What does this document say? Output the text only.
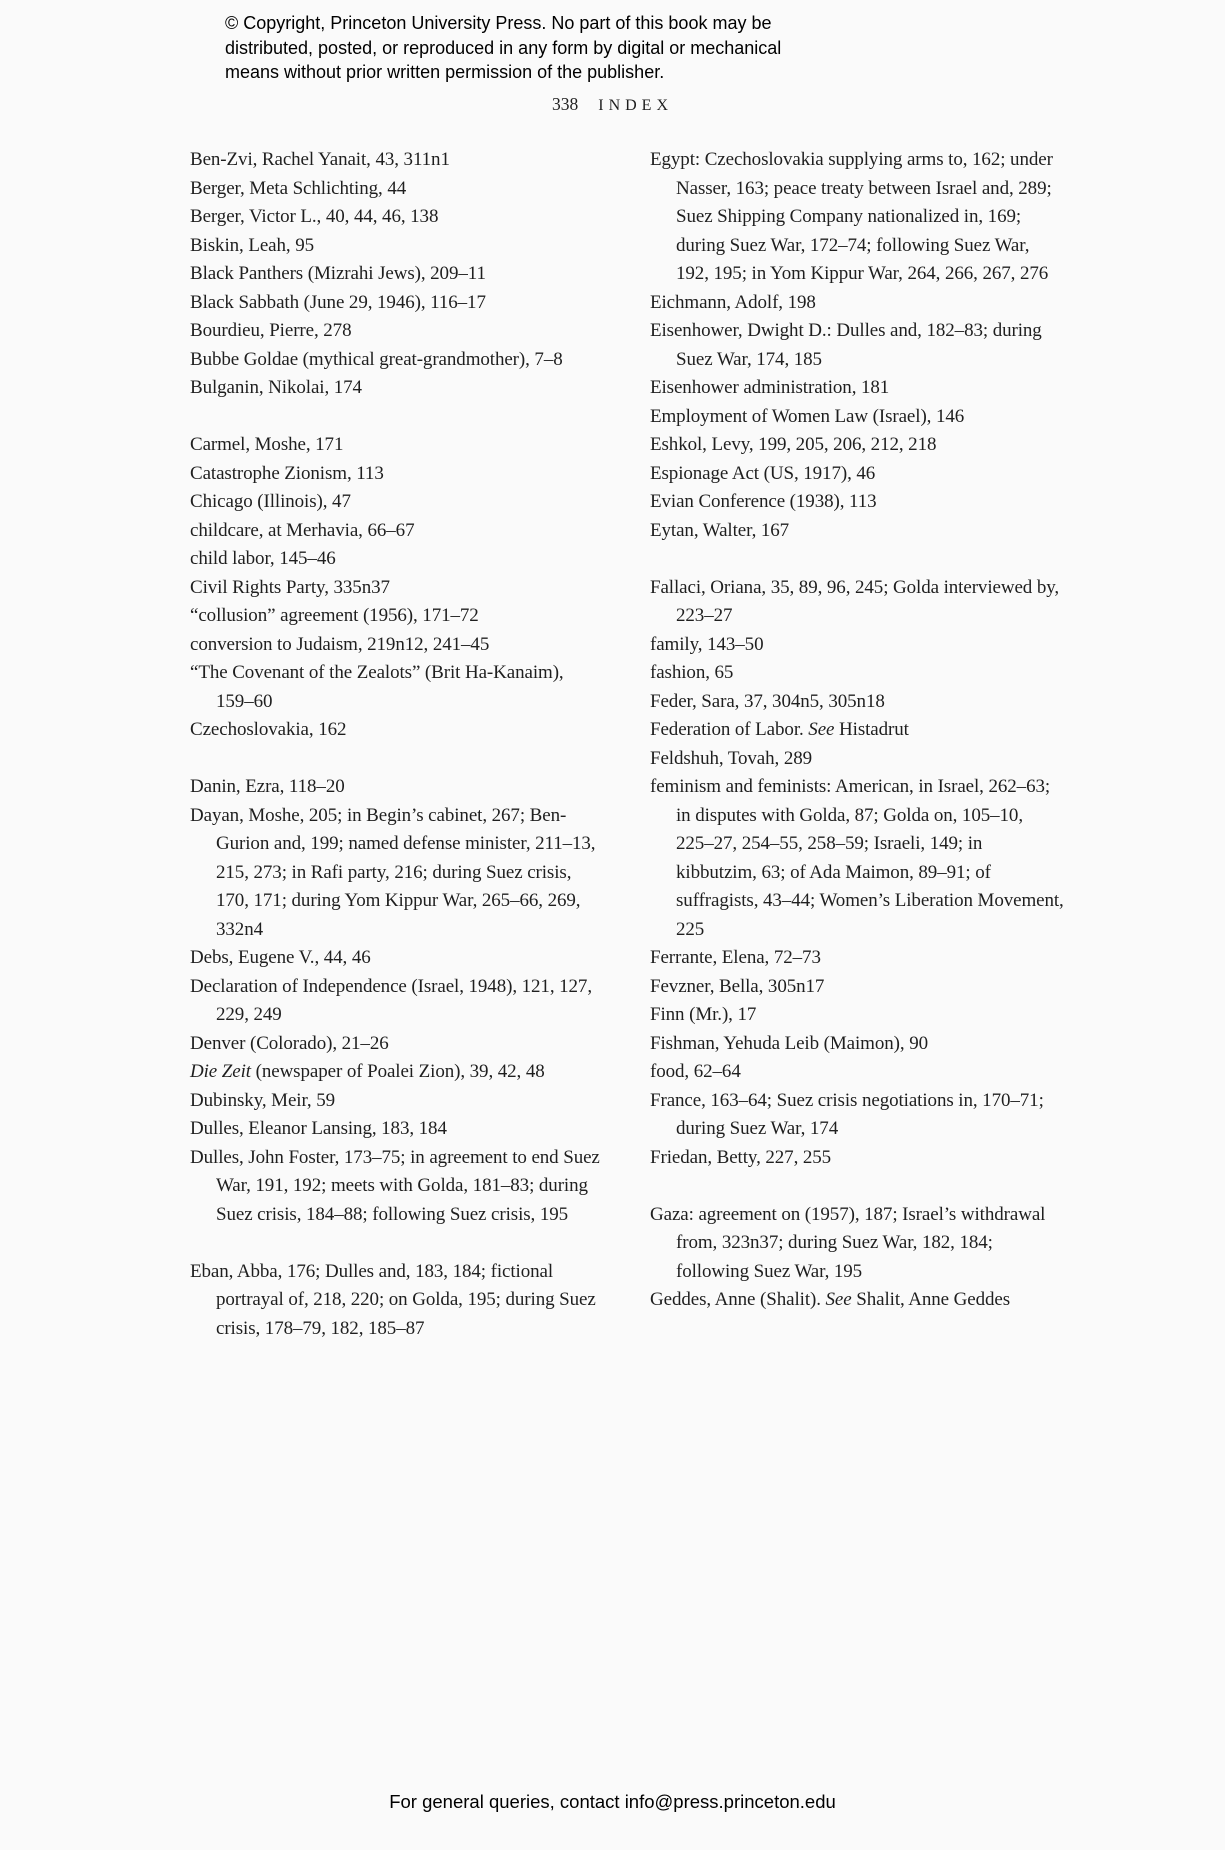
© Copyright, Princeton University Press. No part of this book may be
distributed, posted, or reproduced in any form by digital or mechanical
means without prior written permission of the publisher.
338 INDEX

Ben-Zvi, Rachel Yanait, 43, 311n1

Berger, Meta Schlichting, 44

Berger, Victor L., 40, 44, 46, 138

Biskin, Leah, 95

Black Panthers (Mizrahi Jews), 209–11

Black Sabbath (June 29, 1946), 116–17

Bourdieu, Pierre, 278

Bubbe Goldae (mythical great-grandmother), 7–8

Bulganin, Nikolai, 174

Carmel, Moshe, 171

Catastrophe Zionism, 113

Chicago (Illinois), 47

childcare, at Merhavia, 66–67

child labor, 145–46

Civil Rights Party, 335n37

“collusion” agreement (1956), 171–72

conversion to Judaism, 219n12, 241–45

“The Covenant of the Zealots” (Brit Ha-Kanaim), 159–60

Czechoslovakia, 162

Danin, Ezra, 118–20

Dayan, Moshe, 205; in Begin’s cabinet, 267; Ben-Gurion and, 199; named defense minister, 211–13, 215, 273; in Rafi party, 216; during Suez crisis, 170, 171; during Yom Kippur War, 265–66, 269, 332n4

Debs, Eugene V., 44, 46

Declaration of Independence (Israel, 1948), 121, 127, 229, 249

Denver (Colorado), 21–26

Die Zeit (newspaper of Poalei Zion), 39, 42, 48

Dubinsky, Meir, 59

Dulles, Eleanor Lansing, 183, 184

Dulles, John Foster, 173–75; in agreement to end Suez War, 191, 192; meets with Golda, 181–83; during Suez crisis, 184–88; following Suez crisis, 195

Eban, Abba, 176; Dulles and, 183, 184; fictional portrayal of, 218, 220; on Golda, 195; during Suez crisis, 178–79, 182, 185–87

Egypt: Czechoslovakia supplying arms to, 162; under Nasser, 163; peace treaty between Israel and, 289; Suez Shipping Company nationalized in, 169; during Suez War, 172–74; following Suez War, 192, 195; in Yom Kippur War, 264, 266, 267, 276

Eichmann, Adolf, 198

Eisenhower, Dwight D.: Dulles and, 182–83; during Suez War, 174, 185

Eisenhower administration, 181

Employment of Women Law (Israel), 146

Eshkol, Levy, 199, 205, 206, 212, 218

Espionage Act (US, 1917), 46

Evian Conference (1938), 113

Eytan, Walter, 167

Fallaci, Oriana, 35, 89, 96, 245; Golda interviewed by, 223–27

family, 143–50

fashion, 65

Feder, Sara, 37, 304n5, 305n18

Federation of Labor. See Histadrut

Feldshuh, Tovah, 289

feminism and feminists: American, in Israel, 262–63; in disputes with Golda, 87; Golda on, 105–10, 225–27, 254–55, 258–59; Israeli, 149; in kibbutzim, 63; of Ada Maimon, 89–91; of suffragists, 43–44; Women’s Liberation Movement, 225

Ferrante, Elena, 72–73

Fevzner, Bella, 305n17

Finn (Mr.), 17

Fishman, Yehuda Leib (Maimon), 90

food, 62–64

France, 163–64; Suez crisis negotiations in, 170–71; during Suez War, 174

Friedan, Betty, 227, 255

Gaza: agreement on (1957), 187; Israel’s withdrawal from, 323n37; during Suez War, 182, 184; following Suez War, 195

Geddes, Anne (Shalit). See Shalit, Anne Geddes

For general queries, contact info@press.princeton.edu
